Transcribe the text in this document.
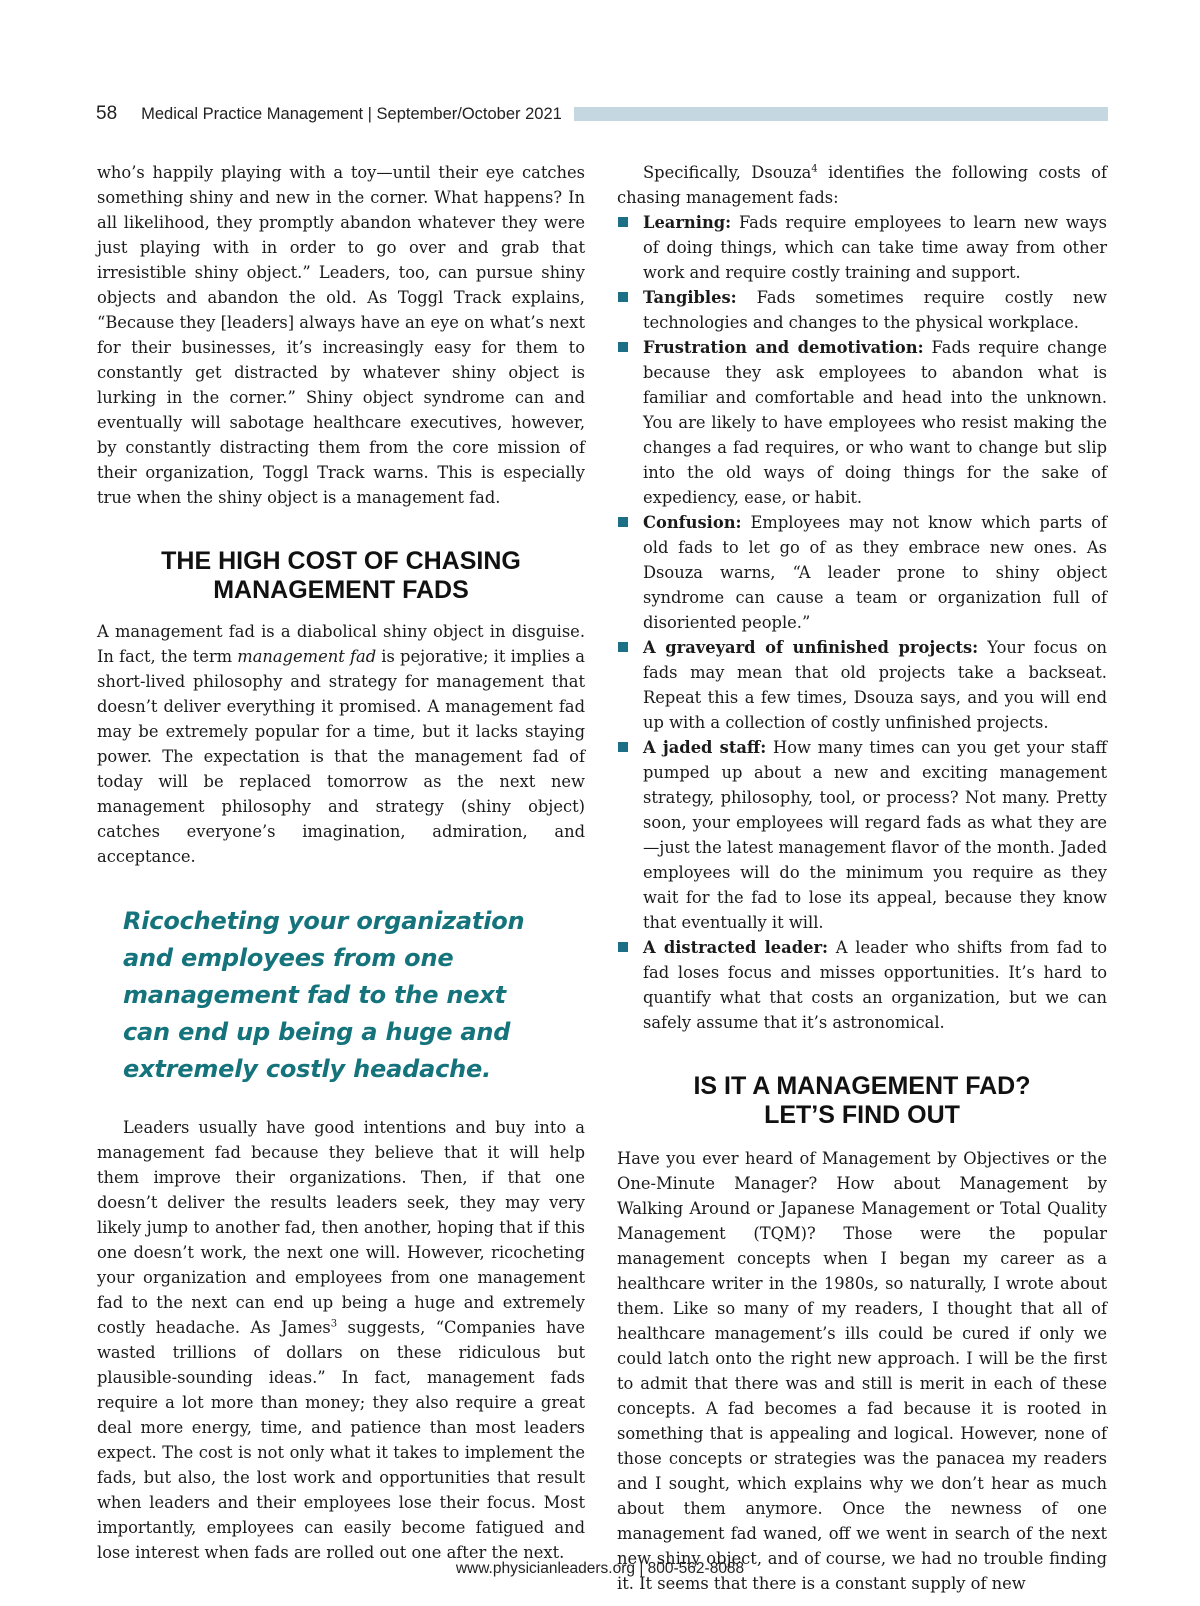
58 Medical Practice Management | September/October 2021

who’s happily playing with a toy—until their eye catches something shiny and new in the corner. What happens? In all likelihood, they promptly abandon whatever they were just playing with in order to go over and grab that irresistible shiny object.” Leaders, too, can pursue shiny objects and abandon the old. As Toggl Track explains, “Because they [leaders] always have an eye on what’s next for their businesses, it’s increasingly easy for them to constantly get distracted by whatever shiny object is lurking in the corner.” Shiny object syndrome can and eventually will sabotage healthcare executives, however, by constantly distracting them from the core mission of their organization, Toggl Track warns. This is especially true when the shiny object is a management fad.

THE HIGH COST OF CHASING
MANAGEMENT FADS

A management fad is a diabolical shiny object in disguise. In fact, the term management fad is pejorative; it implies a short-lived philosophy and strategy for management that doesn’t deliver everything it promised. A management fad may be extremely popular for a time, but it lacks staying power. The expectation is that the management fad of today will be replaced tomorrow as the next new management philosophy and strategy (shiny object) catches everyone’s imagination, admiration, and acceptance.

Ricocheting your organization
and employees from one
management fad to the next
can end up being a huge and
extremely costly headache.

Leaders usually have good intentions and buy into a management fad because they believe that it will help them improve their organizations. Then, if that one doesn’t deliver the results leaders seek, they may very likely jump to another fad, then another, hoping that if this one doesn’t work, the next one will. However, ricocheting your organization and employees from one management fad to the next can end up being a huge and extremely costly headache. As James$^3$ suggests, “Companies have wasted trillions of dollars on these ridiculous but plausible-sounding ideas.” In fact, management fads require a lot more than money; they also require a great deal more energy, time, and patience than most leaders expect. The cost is not only what it takes to implement the fads, but also, the lost work and opportunities that result when leaders and their employees lose their focus. Most importantly, employees can easily become fatigued and lose interest when fads are rolled out one after the next.

Specifically, Dsouza$^4$ identifies the following costs of chasing management fads:

Learning: Fads require employees to learn new ways of doing things, which can take time away from other work and require costly training and support.
Tangibles: Fads sometimes require costly new technologies and changes to the physical workplace.
Frustration and demotivation: Fads require change because they ask employees to abandon what is familiar and comfortable and head into the unknown. You are likely to have employees who resist making the changes a fad requires, or who want to change but slip into the old ways of doing things for the sake of expediency, ease, or habit.
Confusion: Employees may not know which parts of old fads to let go of as they embrace new ones. As Dsouza warns, “A leader prone to shiny object syndrome can cause a team or organization full of disoriented people.”
A graveyard of unfinished projects: Your focus on fads may mean that old projects take a backseat. Repeat this a few times, Dsouza says, and you will end up with a collection of costly unfinished projects.
A jaded staff: How many times can you get your staff pumped up about a new and exciting management strategy, philosophy, tool, or process? Not many. Pretty soon, your employees will regard fads as what they are—just the latest management flavor of the month. Jaded employees will do the minimum you require as they wait for the fad to lose its appeal, because they know that eventually it will.
A distracted leader: A leader who shifts from fad to fad loses focus and misses opportunities. It’s hard to quantify what that costs an organization, but we can safely assume that it’s astronomical.
IS IT A MANAGEMENT FAD?
LET’S FIND OUT

Have you ever heard of Management by Objectives or the One-Minute Manager? How about Management by Walking Around or Japanese Management or Total Quality Management (TQM)? Those were the popular management concepts when I began my career as a healthcare writer in the 1980s, so naturally, I wrote about them. Like so many of my readers, I thought that all of healthcare management’s ills could be cured if only we could latch onto the right new approach. I will be the first to admit that there was and still is merit in each of these concepts. A fad becomes a fad because it is rooted in something that is appealing and logical. However, none of those concepts or strategies was the panacea my readers and I sought, which explains why we don’t hear as much about them anymore. Once the newness of one management fad waned, off we went in search of the next new shiny object, and of course, we had no trouble finding it. It seems that there is a constant supply of new

www.physicianleaders.org | 800-562-8088
